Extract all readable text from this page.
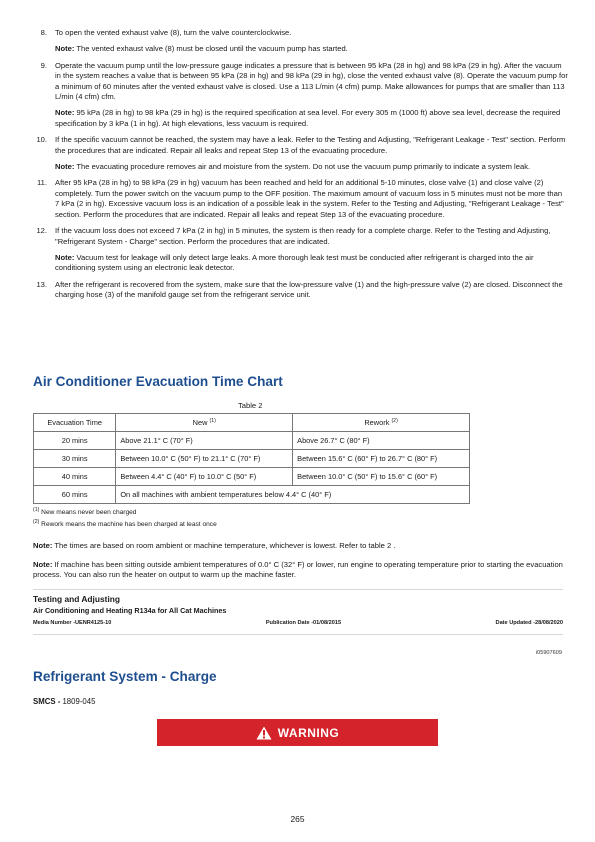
8.	To open the vented exhaust valve (8), turn the valve counterclockwise.

Note: The vented exhaust valve (8) must be closed until the vacuum pump has started.

9.	Operate the vacuum pump until the low-pressure gauge indicates a pressure that is between 95 kPa (28 in hg) and 98 kPa (29 in hg). After the vacuum in the system reaches a value that is between 95 kPa (28 in hg) and 98 kPa (29 in hg), close the vented exhaust valve (8). Operate the vacuum pump for a minimum of 60 minutes after the vented exhaust valve is closed. Use a 113 L/min (4 cfm) pump. Make allowances for pumps that are smaller than 113 L/min (4 cfm) cfm.

Note: 95 kPa (28 in hg) to 98 kPa (29 in hg) is the required specification at sea level. For every 305 m (1000 ft) above sea level, decrease the required specification by 3 kPa (1 in hg). At high elevations, less vacuum is required.

10.	If the specific vacuum cannot be reached, the system may have a leak. Refer to the Testing and Adjusting, "Refrigerant Leakage - Test" section. Perform the procedures that are indicated. Repair all leaks and repeat Step 13 of the evacuating procedure.

Note: The evacuating procedure removes air and moisture from the system. Do not use the vacuum pump primarily to indicate a system leak.

11.	After 95 kPa (28 in hg) to 98 kPa (29 in hg) vacuum has been reached and held for an additional 5-10 minutes, close valve (1) and close valve (2) completely. Turn the power switch on the vacuum pump to the OFF position. The maximum amount of vacuum loss in 5 minutes must not be more than 7 kPa (2 in hg). Excessive vacuum loss is an indication of a possible leak in the system. Refer to the Testing and Adjusting, "Refrigerant Leakage - Test" section. Perform the procedures that are indicated. Repair all leaks and repeat Step 13 of the evacuating procedure.

12.	If the vacuum loss does not exceed 7 kPa (2 in hg) in 5 minutes, the system is then ready for a complete charge. Refer to the Testing and Adjusting, "Refrigerant System - Charge" section. Perform the procedures that are indicated.

Note: Vacuum test for leakage will only detect large leaks. A more thorough leak test must be conducted after refrigerant is charged into the air conditioning system using an electronic leak detector.

13.	After the refrigerant is recovered from the system, make sure that the low-pressure valve (1) and the high-pressure valve (2) are closed. Disconnect the charging hose (3) of the manifold gauge set from the refrigerant service unit.

Air Conditioner Evacuation Time Chart
Table 2
Evacuation Time	New $^{(1)}$	Rework $^{(2)}$
20 mins	Above 21.1° C (70° F)	Above 26.7° C (80° F)
30 mins	Between 10.0° C (50° F) to 21.1° C (70° F)	Between 15.6° C (60° F) to 26.7° C (80° F)
40 mins	Between 4.4° C (40° F) to 10.0° C (50° F)	Between 10.0° C (50° F) to 15.6° C (60° F)
60 mins	On all machines with ambient temperatures below 4.4° C (40° F)	
$^{(1)}$ New means never been charged
$^{(2)}$ Rework means the machine has been charged at least once
Note: The times are based on room ambient or machine temperature, whichever is lowest. Refer to table 2 .
Note: If machine has been sitting outside ambient temperatures of 0.0° C (32° F) or lower, run engine to operating temperature prior to starting the evacuation process. You can also run the heater on output to warm up the machine faster.
Testing and Adjusting
Air Conditioning and Heating R134a for All Cat Machines
Media Number -UENR4125-10	Publication Date -01/08/2015	Date Updated -28/08/2020
i05907609
Refrigerant System - Charge
SMCS - 1809-045
WARNING
265
